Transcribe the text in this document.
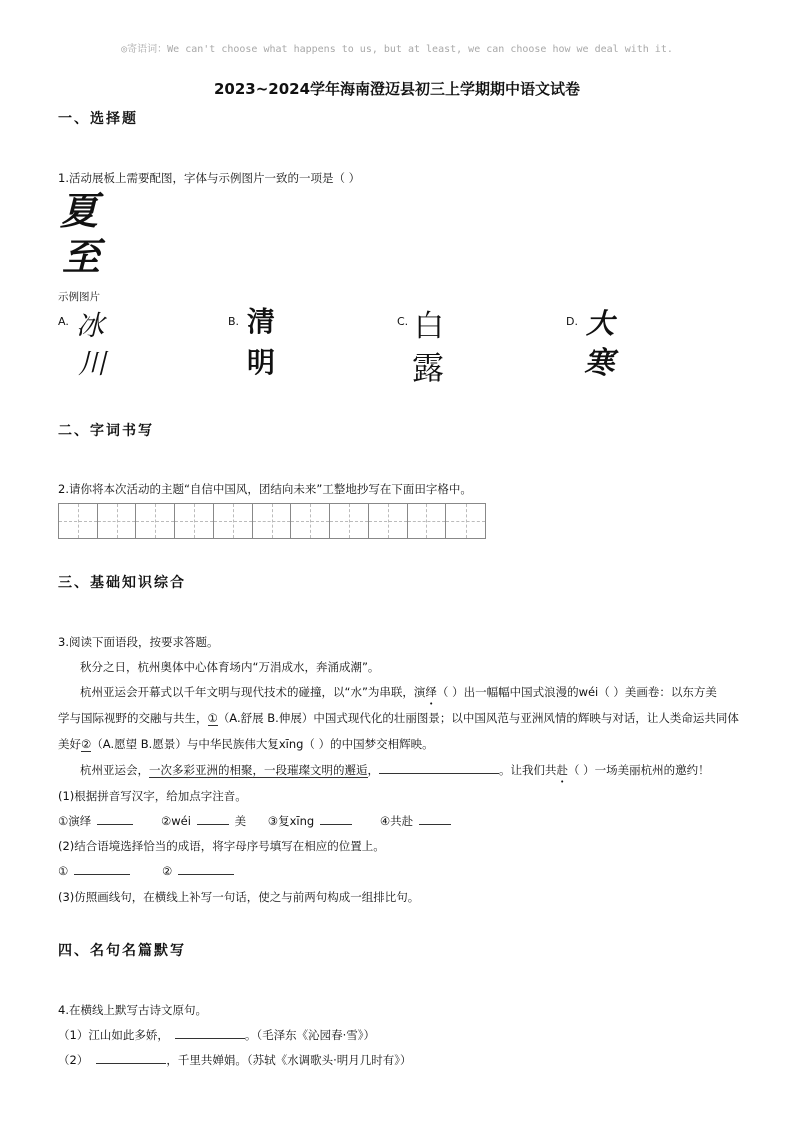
◎寄语词：We can't choose what happens to us, but at least, we can choose how we deal with it.
2023~2024学年海南澄迈县初三上学期期中语文试卷
一、选择题
1.活动展板上需要配图，字体与示例图片一致的一项是（ ）
夏
至
示例图片
A. 冰
川
B. 清
明
C. 白
露
D. 大
寒
二、字词书写
2.请你将本次活动的主题“自信中国风，团结向未来”工整地抄写在下面田字格中。
三、基础知识综合
3.阅读下面语段，按要求答题。
秋分之日，杭州奥体中心体育场内“万涓成水，奔涌成潮”。
杭州亚运会开幕式以千年文明与现代技术的碰撞，以“水”为串联，演绎（ ）出一幅幅中国式浪漫的wéi（ ）美画卷：以东方美
学与国际视野的交融与共生，①（A.舒展 B.伸展）中国式现代化的壮丽图景；以中国风范与亚洲风情的辉映与对话，让人类命运共同体
美好②（A.愿望 B.愿景）与中华民族伟大复xīng（ ）的中国梦交相辉映。
杭州亚运会，一次多彩亚洲的相聚，一段璀璨文明的邂逅，	。让我们共赴（ ）一场美丽杭州的邀约！
(1)根据拼音写汉字，给加点字注音。
①演绎	②wéi	美 ③复xīng	④共赴
(2)结合语境选择恰当的成语，将字母序号填写在相应的位置上。
①	②
(3)仿照画线句，在横线上补写一句话，使之与前两句构成一组排比句。
四、名句名篇默写
4.在横线上默写古诗文原句。
（1）江山如此多娇，	。（毛泽东《沁园春·雪》）
（2）	，千里共婵娟。（苏轼《水调歌头·明月几时有》）
